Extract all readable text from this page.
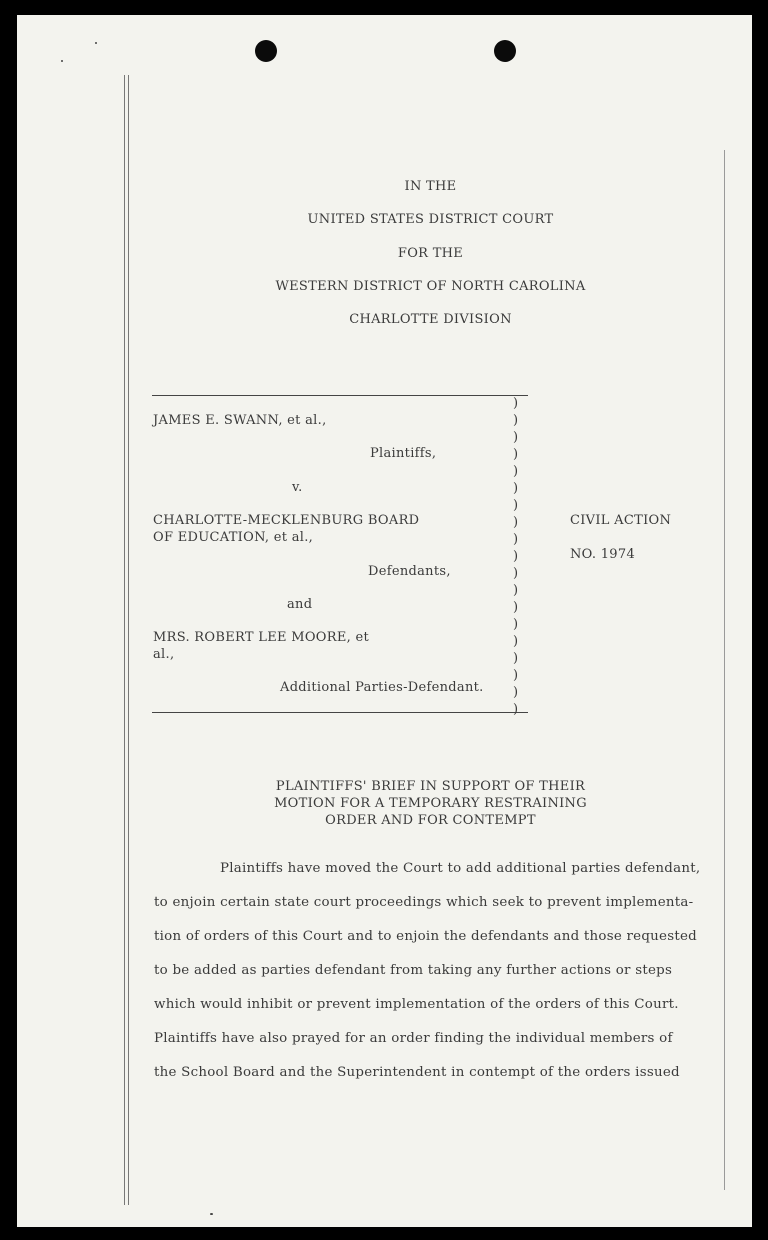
IN THE
UNITED STATES DISTRICT COURT
FOR THE
WESTERN DISTRICT OF NORTH CAROLINA
CHARLOTTE DIVISION
JAMES E. SWANN, et al.,
Plaintiffs,
v.
CHARLOTTE-MECKLENBURG BOARD
OF EDUCATION, et al.,
Defendants,
and
MRS. ROBERT LEE MOORE, et
al.,
Additional Parties-Defendant.
)
)
)
)
)
)
)
)
)
)
)
)
)
)
)
)
)
)
)
CIVIL ACTION
NO. 1974
PLAINTIFFS' BRIEF IN SUPPORT OF THEIR
MOTION FOR A TEMPORARY RESTRAINING
ORDER AND FOR CONTEMPT
Plaintiffs have moved the Court to add additional parties defendant,
to enjoin certain state court proceedings which seek to prevent implementa-
tion of orders of this Court and to enjoin the defendants and those requested
to be added as parties defendant from taking any further actions or steps
which would inhibit or prevent implementation of the orders of this Court.
Plaintiffs have also prayed for an order finding the individual members of
the School Board and the Superintendent in contempt of the orders issued
